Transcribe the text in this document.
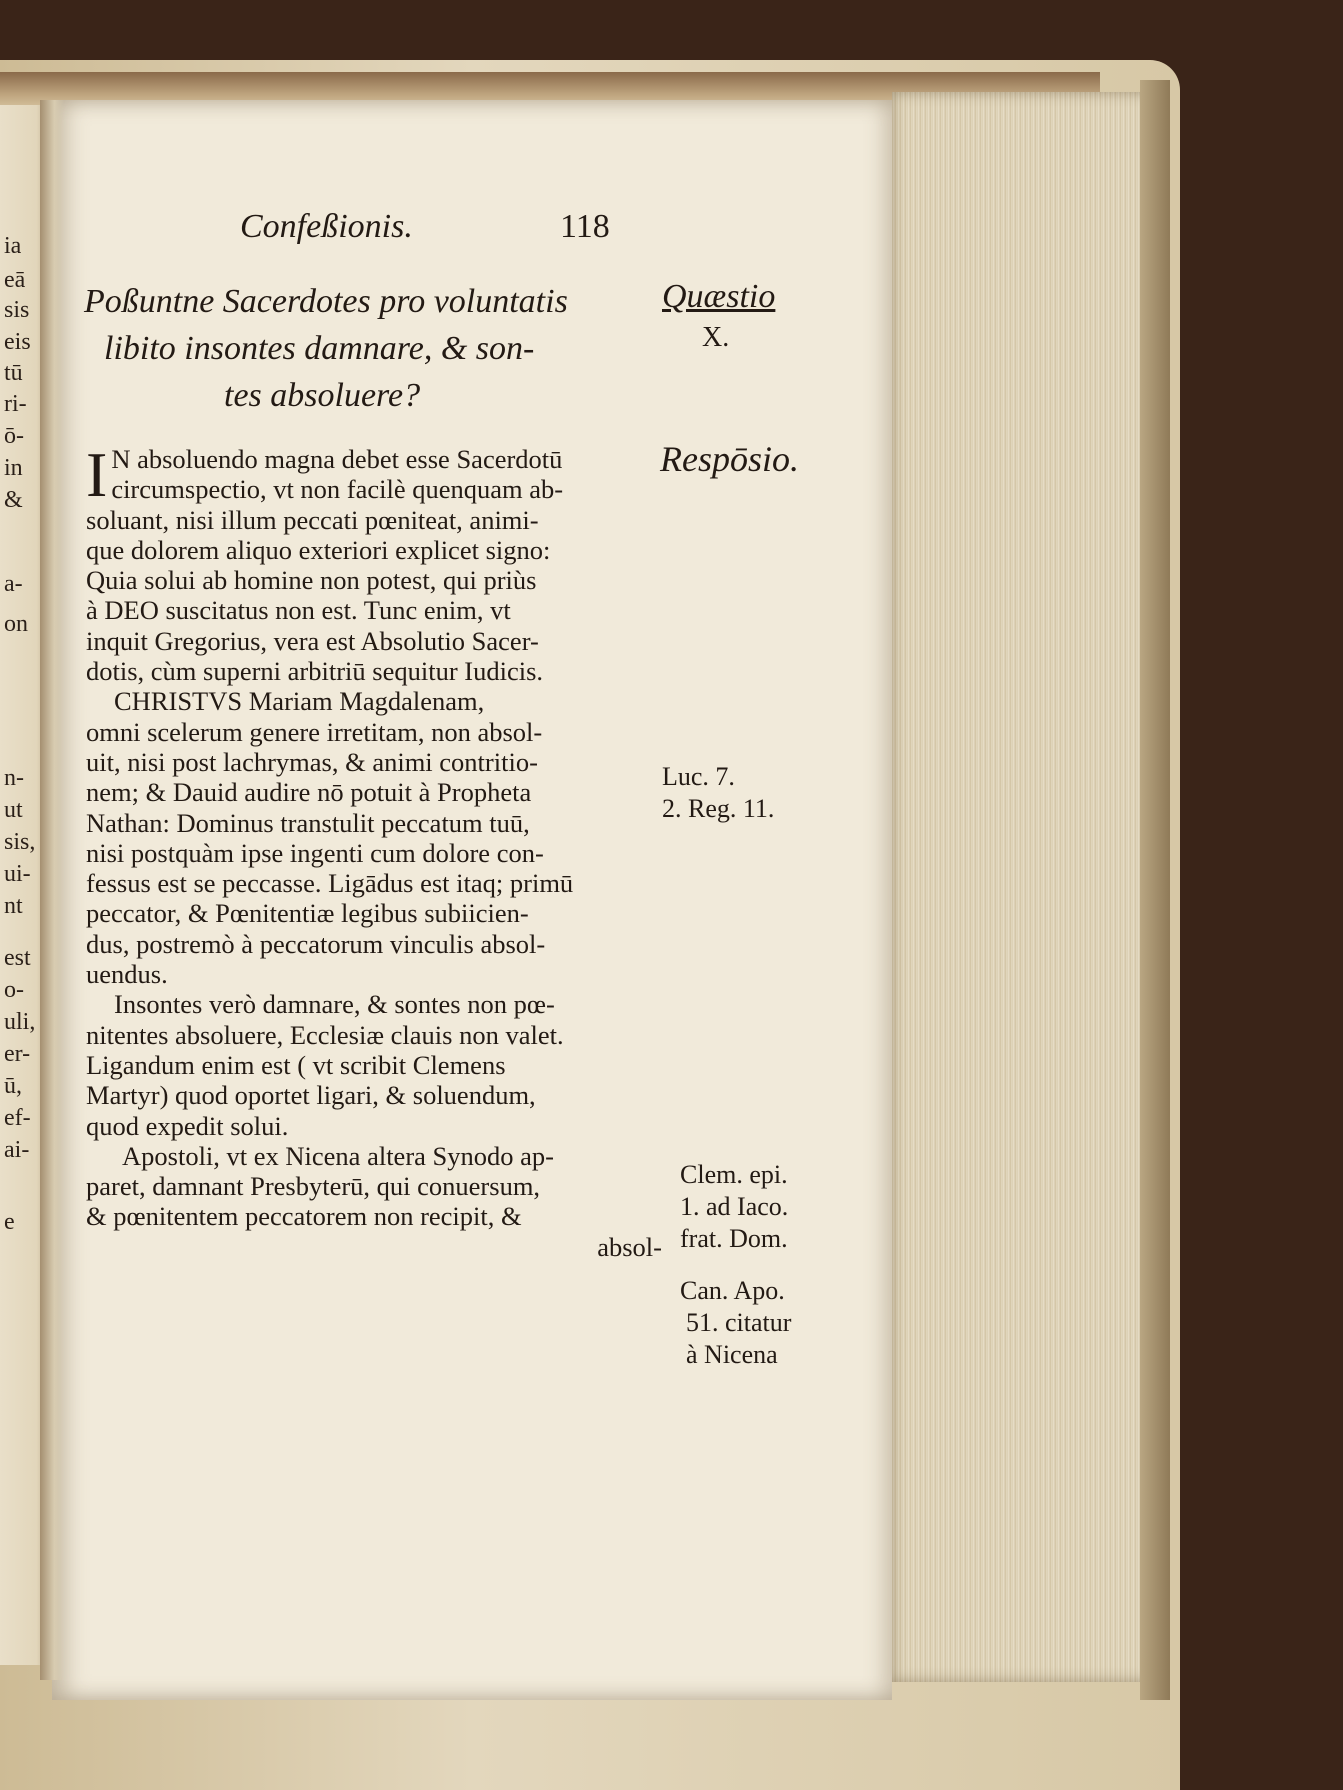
ia
eā
sis
eis
tū
ri-
ō-
in
&
a-
on
n-
ut
sis,
ui-
nt
est
o-
uli,
er-
ū,
ef-
ai-
e
Confeßionis.	118
Poßuntne Sacerdotes pro voluntatis
libito insontes damnare, & son-
tes absoluere?
Quæstio
X.
Respōsio.
I N absoluendo magna debet esse Sacerdotū
circumspectio, vt non facilè quenquam ab-
soluant, nisi illum peccati pœniteat, animi-
que dolorem aliquo exteriori explicet signo:
Quia solui ab homine non potest, qui priùs
à DEO suscitatus non est. Tunc enim, vt
inquit Gregorius, vera est Absolutio Sacer-
dotis, cùm superni arbitriū sequitur Iudicis.
CHRISTVS Mariam Magdalenam,
omni scelerum genere irretitam, non absol-
uit, nisi post lachrymas, & animi contritio-
nem; & Dauid audire nō potuit à Propheta
Nathan: Dominus transtulit peccatum tuū,
nisi postquàm ipse ingenti cum dolore con-
fessus est se peccasse. Ligādus est itaq; primū
peccator, & Pœnitentiæ legibus subiicien-
dus, postremò à peccatorum vinculis absol-
uendus.
Insontes verò damnare, & sontes non pœ-
nitentes absoluere, Ecclesiæ clauis non valet.
Ligandum enim est ( vt scribit Clemens
Martyr) quod oportet ligari, & soluendum,
quod expedit solui.
Apostoli, vt ex Nicena altera Synodo ap-
paret, damnant Presbyterū, qui conuersum,
& pœnitentem peccatorem non recipit, &
absol-
Luc. 7.
2. Reg. 11.
Clem. epi.
1. ad Iaco.
frat. Dom.
Can. Apo.
51. citatur
à Nicena
